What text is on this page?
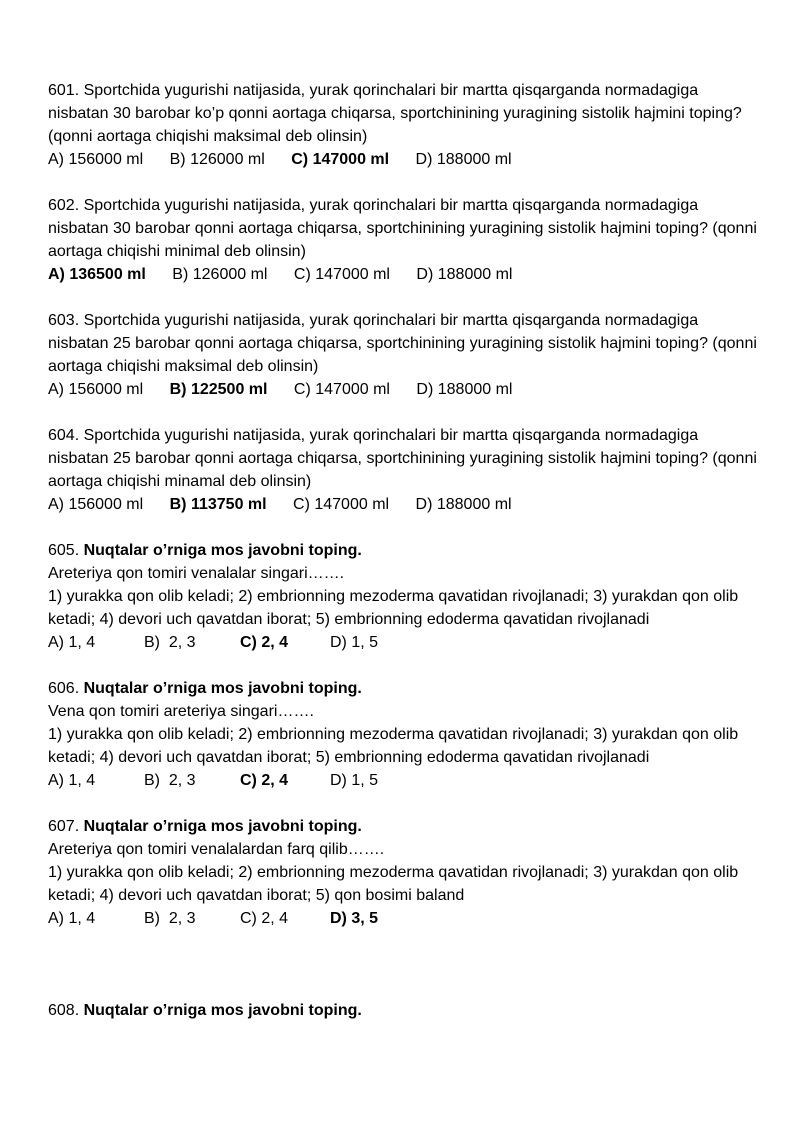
601. Sportchida yugurishi natijasida, yurak qorinchalari bir martta qisqarganda normadagiga nisbatan 30 barobar ko’p qonni aortaga chiqarsa, sportchinining yuragining sistolik hajmini toping? (qonni aortaga chiqishi maksimal deb olinsin)

A) 156000 ml B) 126000 ml C) 147000 ml D) 188000 ml

602. Sportchida yugurishi natijasida, yurak qorinchalari bir martta qisqarganda normadagiga nisbatan 30 barobar qonni aortaga chiqarsa, sportchinining yuragining sistolik hajmini toping? (qonni aortaga chiqishi minimal deb olinsin)

A) 136500 ml B) 126000 ml C) 147000 ml D) 188000 ml

603. Sportchida yugurishi natijasida, yurak qorinchalari bir martta qisqarganda normadagiga nisbatan 25 barobar qonni aortaga chiqarsa, sportchinining yuragining sistolik hajmini toping? (qonni aortaga chiqishi maksimal deb olinsin)

A) 156000 ml B) 122500 ml C) 147000 ml D) 188000 ml

604. Sportchida yugurishi natijasida, yurak qorinchalari bir martta qisqarganda normadagiga nisbatan 25 barobar qonni aortaga chiqarsa, sportchinining yuragining sistolik hajmini toping? (qonni aortaga chiqishi minamal deb olinsin)

A) 156000 ml B) 113750 ml C) 147000 ml D) 188000 ml

605. Nuqtalar o’rniga mos javobni toping.

Areteriya qon tomiri venalalar singari…….

1) yurakka qon olib keladi; 2) embrionning mezoderma qavatidan rivojlanadi; 3) yurakdan qon olib ketadi; 4) devori uch qavatdan iborat; 5) embrionning edoderma qavatidan rivojlanadi

A) 1, 4	B)  2, 3	C) 2, 4	D) 1, 5

606. Nuqtalar o’rniga mos javobni toping.

Vena qon tomiri areteriya singari…….

1) yurakka qon olib keladi; 2) embrionning mezoderma qavatidan rivojlanadi; 3) yurakdan qon olib ketadi; 4) devori uch qavatdan iborat; 5) embrionning edoderma qavatidan rivojlanadi

A) 1, 4	B)  2, 3	C) 2, 4	D) 1, 5

607. Nuqtalar o’rniga mos javobni toping.

Areteriya qon tomiri venalalardan farq qilib…….

1) yurakka qon olib keladi; 2) embrionning mezoderma qavatidan rivojlanadi; 3) yurakdan qon olib ketadi; 4) devori uch qavatdan iborat; 5) qon bosimi baland

A) 1, 4	B)  2, 3	C) 2, 4	D) 3, 5

608. Nuqtalar o’rniga mos javobni toping.
